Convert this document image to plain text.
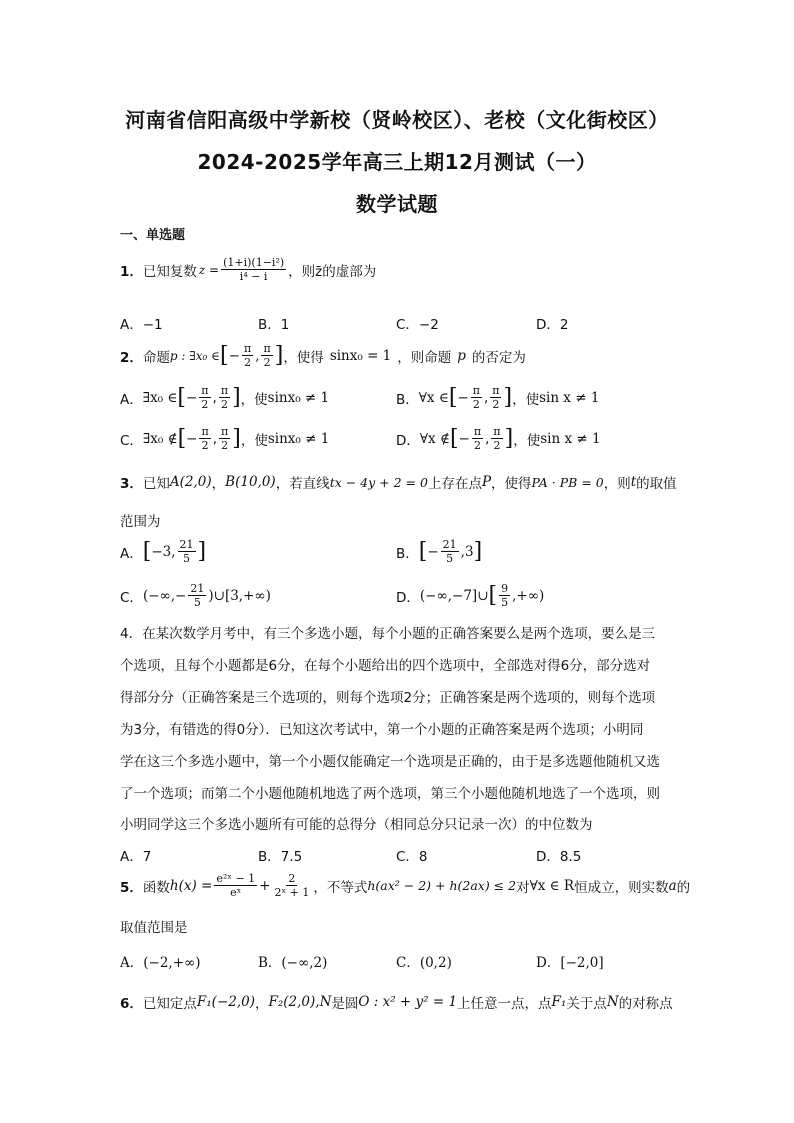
河南省信阳高级中学新校（贤岭校区）、老校（文化街校区）
2024-2025学年高三上期12月测试（一）
数学试题
一、单选题
1． 已知复数 $z = \frac{\text{(1+i)(1−i²)}}{\text{i⁴ − i}}$ ，则z̄的虚部为
A．−1	B．1	C．−2	D．2
2． 命题 p : ∃x₀ ∈ [ − $\frac{\pi}{2}$ , $\frac{\pi}{2}$ ] ，使得 sinx₀ = 1 ，则命题 p 的否定为
A． ∃x₀ ∈ [ − $\frac{\pi}{2}$ , $\frac{\pi}{2}$ ] ，使 sinx₀ ≠ 1	B． ∀x ∈ [ − $\frac{\pi}{2}$ , $\frac{\pi}{2}$ ] ，使 sin x ≠ 1
C． ∃x₀ ∉ [ − $\frac{\pi}{2}$ , $\frac{\pi}{2}$ ] ，使 sinx₀ ≠ 1	D． ∀x ∉ [ − $\frac{\pi}{2}$ , $\frac{\pi}{2}$ ] ，使 sin x ≠ 1
3． 已知 A(2,0) ， B(10,0) ，若直线 tx − 4y + 2 = 0 上存在点 P ，使得 PA · PB = 0 ，则 t 的取值
范围为
A． [ −3, $\frac{21}{5}$ ]	B． [ − $\frac{21}{5} ,3$ ]
C． (−∞,− $\frac{21}{5}$ )∪[3,+∞)	D． (−∞,−7]∪ [ $\frac{9}{5}$ ,+∞)
4．在某次数学月考中，有三个多选小题，每个小题的正确答案要么是两个选项，要么是三
个选项，且每个小题都是6分，在每个小题给出的四个选项中，全部选对得6分，部分选对
得部分分（正确答案是三个选项的，则每个选项2分；正确答案是两个选项的，则每个选项
为3分，有错选的得0分）．已知这次考试中，第一个小题的正确答案是两个选项；小明同
学在这三个多选小题中，第一个小题仅能确定一个选项是正确的，由于是多选题他随机又选
了一个选项；而第二个小题他随机地选了两个选项，第三个小题他随机地选了一个选项，则
小明同学这三个多选小题所有可能的总得分（相同总分只记录一次）的中位数为
A．7	B．7.5	C．8	D．8.5
5． 函数 $h(x) = \frac{\text{e²ˣ − 1}}{\text{eˣ}} + \frac{2}{\text{2ˣ + 1}}$ ，不等式 h(ax² − 2) + h(2ax) ≤ 2 对 ∀x ∈ R 恒成立，则实数 a 的
取值范围是
A．(−2,+∞)	B．(−∞,2)	C．(0,2)	D．[−2,0]
6． 已知定点 F₁(−2,0) ， F₂(2,0),N 是圆 O : x² + y² = 1 上任意一点，点 F₁ 关于点 N 的对称点
